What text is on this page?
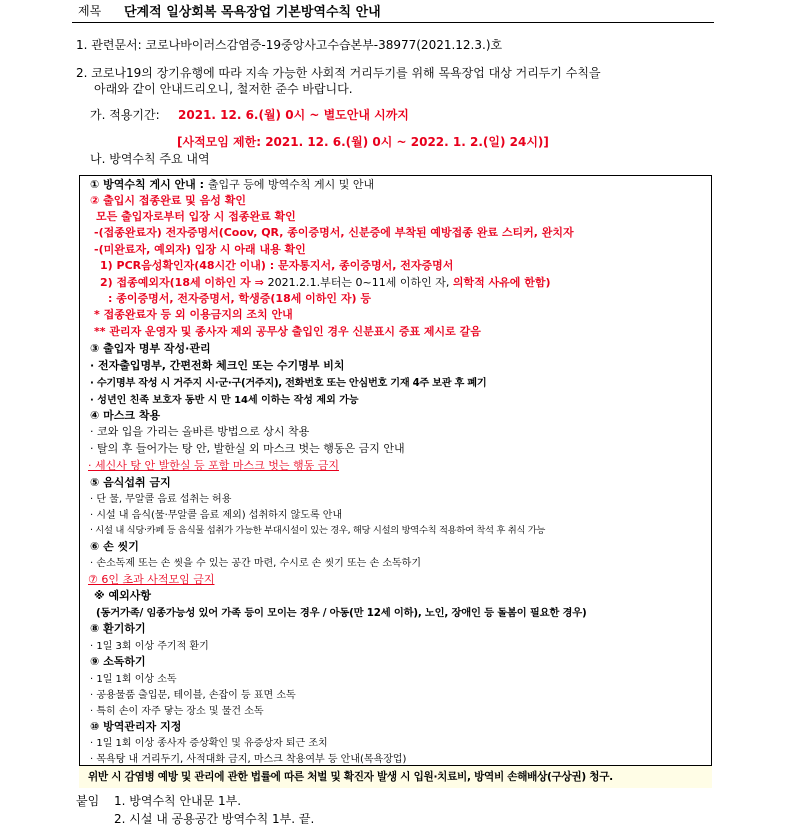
제목 단계적 일상회복 목욕장업 기본방역수칙 안내
1. 관련문서: 코로나바이러스감염증-19중앙사고수습본부-38977(2021.12.3.)호
2. 코로나19의 장기유행에 따라 지속 가능한 사회적 거리두기를 위해 목욕장업 대상 거리두기 수칙을
아래와 같이 안내드리오니, 철저한 준수 바랍니다.
가. 적용기간: 2021. 12. 6.(월) 0시 ~ 별도안내 시까지
[사적모임 제한: 2021. 12. 6.(월) 0시 ~ 2022. 1. 2.(일) 24시)]
나. 방역수칙 주요 내역
① 방역수칙 게시 안내 : 출입구 등에 방역수칙 게시 및 안내
② 출입시 접종완료 및 음성 확인
모든 출입자로부터 입장 시 접종완료 확인
-(접종완료자) 전자증명서(Coov, QR, 종이증명서, 신분증에 부착된 예방접종 완료 스티커, 완치자
-(미완료자, 예외자) 입장 시 아래 내용 확인
1) PCR음성확인자(48시간 이내) : 문자통지서, 종이증명서, 전자증명서
2) 접종예외자(18세 이하인 자 ⇒ 2021.2.1.부터는 0~11세 이하인 자, 의학적 사유에 한함)
: 종이증명서, 전자증명서, 학생증(18세 이하인 자) 등
* 접종완료자 등 외 이용금지의 조치 안내
** 관리자 운영자 및 종사자 제외 공무상 출입인 경우 신분표시 증표 제시로 갈음
③ 출입자 명부 작성·관리
· 전자출입명부, 간편전화 체크인 또는 수기명부 비치
· 수기명부 작성 시 거주지 시·군·구(거주지), 전화번호 또는 안심번호 기재 4주 보관 후 폐기
· 성년인 친족 보호자 동반 시 만 14세 이하는 작성 제외 가능
④ 마스크 착용
· 코와 입을 가리는 올바른 방법으로 상시 착용
· 탈의 후 들어가는 탕 안, 발한실 외 마스크 벗는 행동은 금지 안내
· 세신사 탕 안 발한실 등 포함 마스크 벗는 행동 금지
⑤ 음식섭취 금지
· 단 물, 무알콜 음료 섭취는 허용
· 시설 내 음식(물·무알콜 음료 제외) 섭취하지 않도록 안내
· 시설 내 식당·카페 등 음식물 섭취가 가능한 부대시설이 있는 경우, 해당 시설의 방역수칙 적용하여 착석 후 취식 가능
⑥ 손 씻기
· 손소독제 또는 손 씻을 수 있는 공간 마련, 수시로 손 씻기 또는 손 소독하기
⑦ 6인 초과 사적모임 금지
※ 예외사항
(동거가족/ 임종가능성 있어 가족 등이 모이는 경우 / 아동(만 12세 이하), 노인, 장애인 등 돌봄이 필요한 경우)
⑧ 환기하기
· 1일 3회 이상 주기적 환기
⑨ 소독하기
· 1일 1회 이상 소독
· 공용물품 출입문, 테이블, 손잡이 등 표면 소독
· 특히 손이 자주 닿는 장소 및 물건 소독
⑩ 방역관리자 지정
· 1일 1회 이상 종사자 증상확인 및 유증상자 퇴근 조치
· 목욕탕 내 거리두기, 사적대화 금지, 마스크 착용여부 등 안내(목욕장업)
위반 시 감염병 예방 및 관리에 관한 법률에 따른 처벌 및 확진자 발생 시 입원·치료비, 방역비 손해배상(구상권) 청구.
붙임 1. 방역수칙 안내문 1부.
2. 시설 내 공용공간 방역수칙 1부. 끝.
